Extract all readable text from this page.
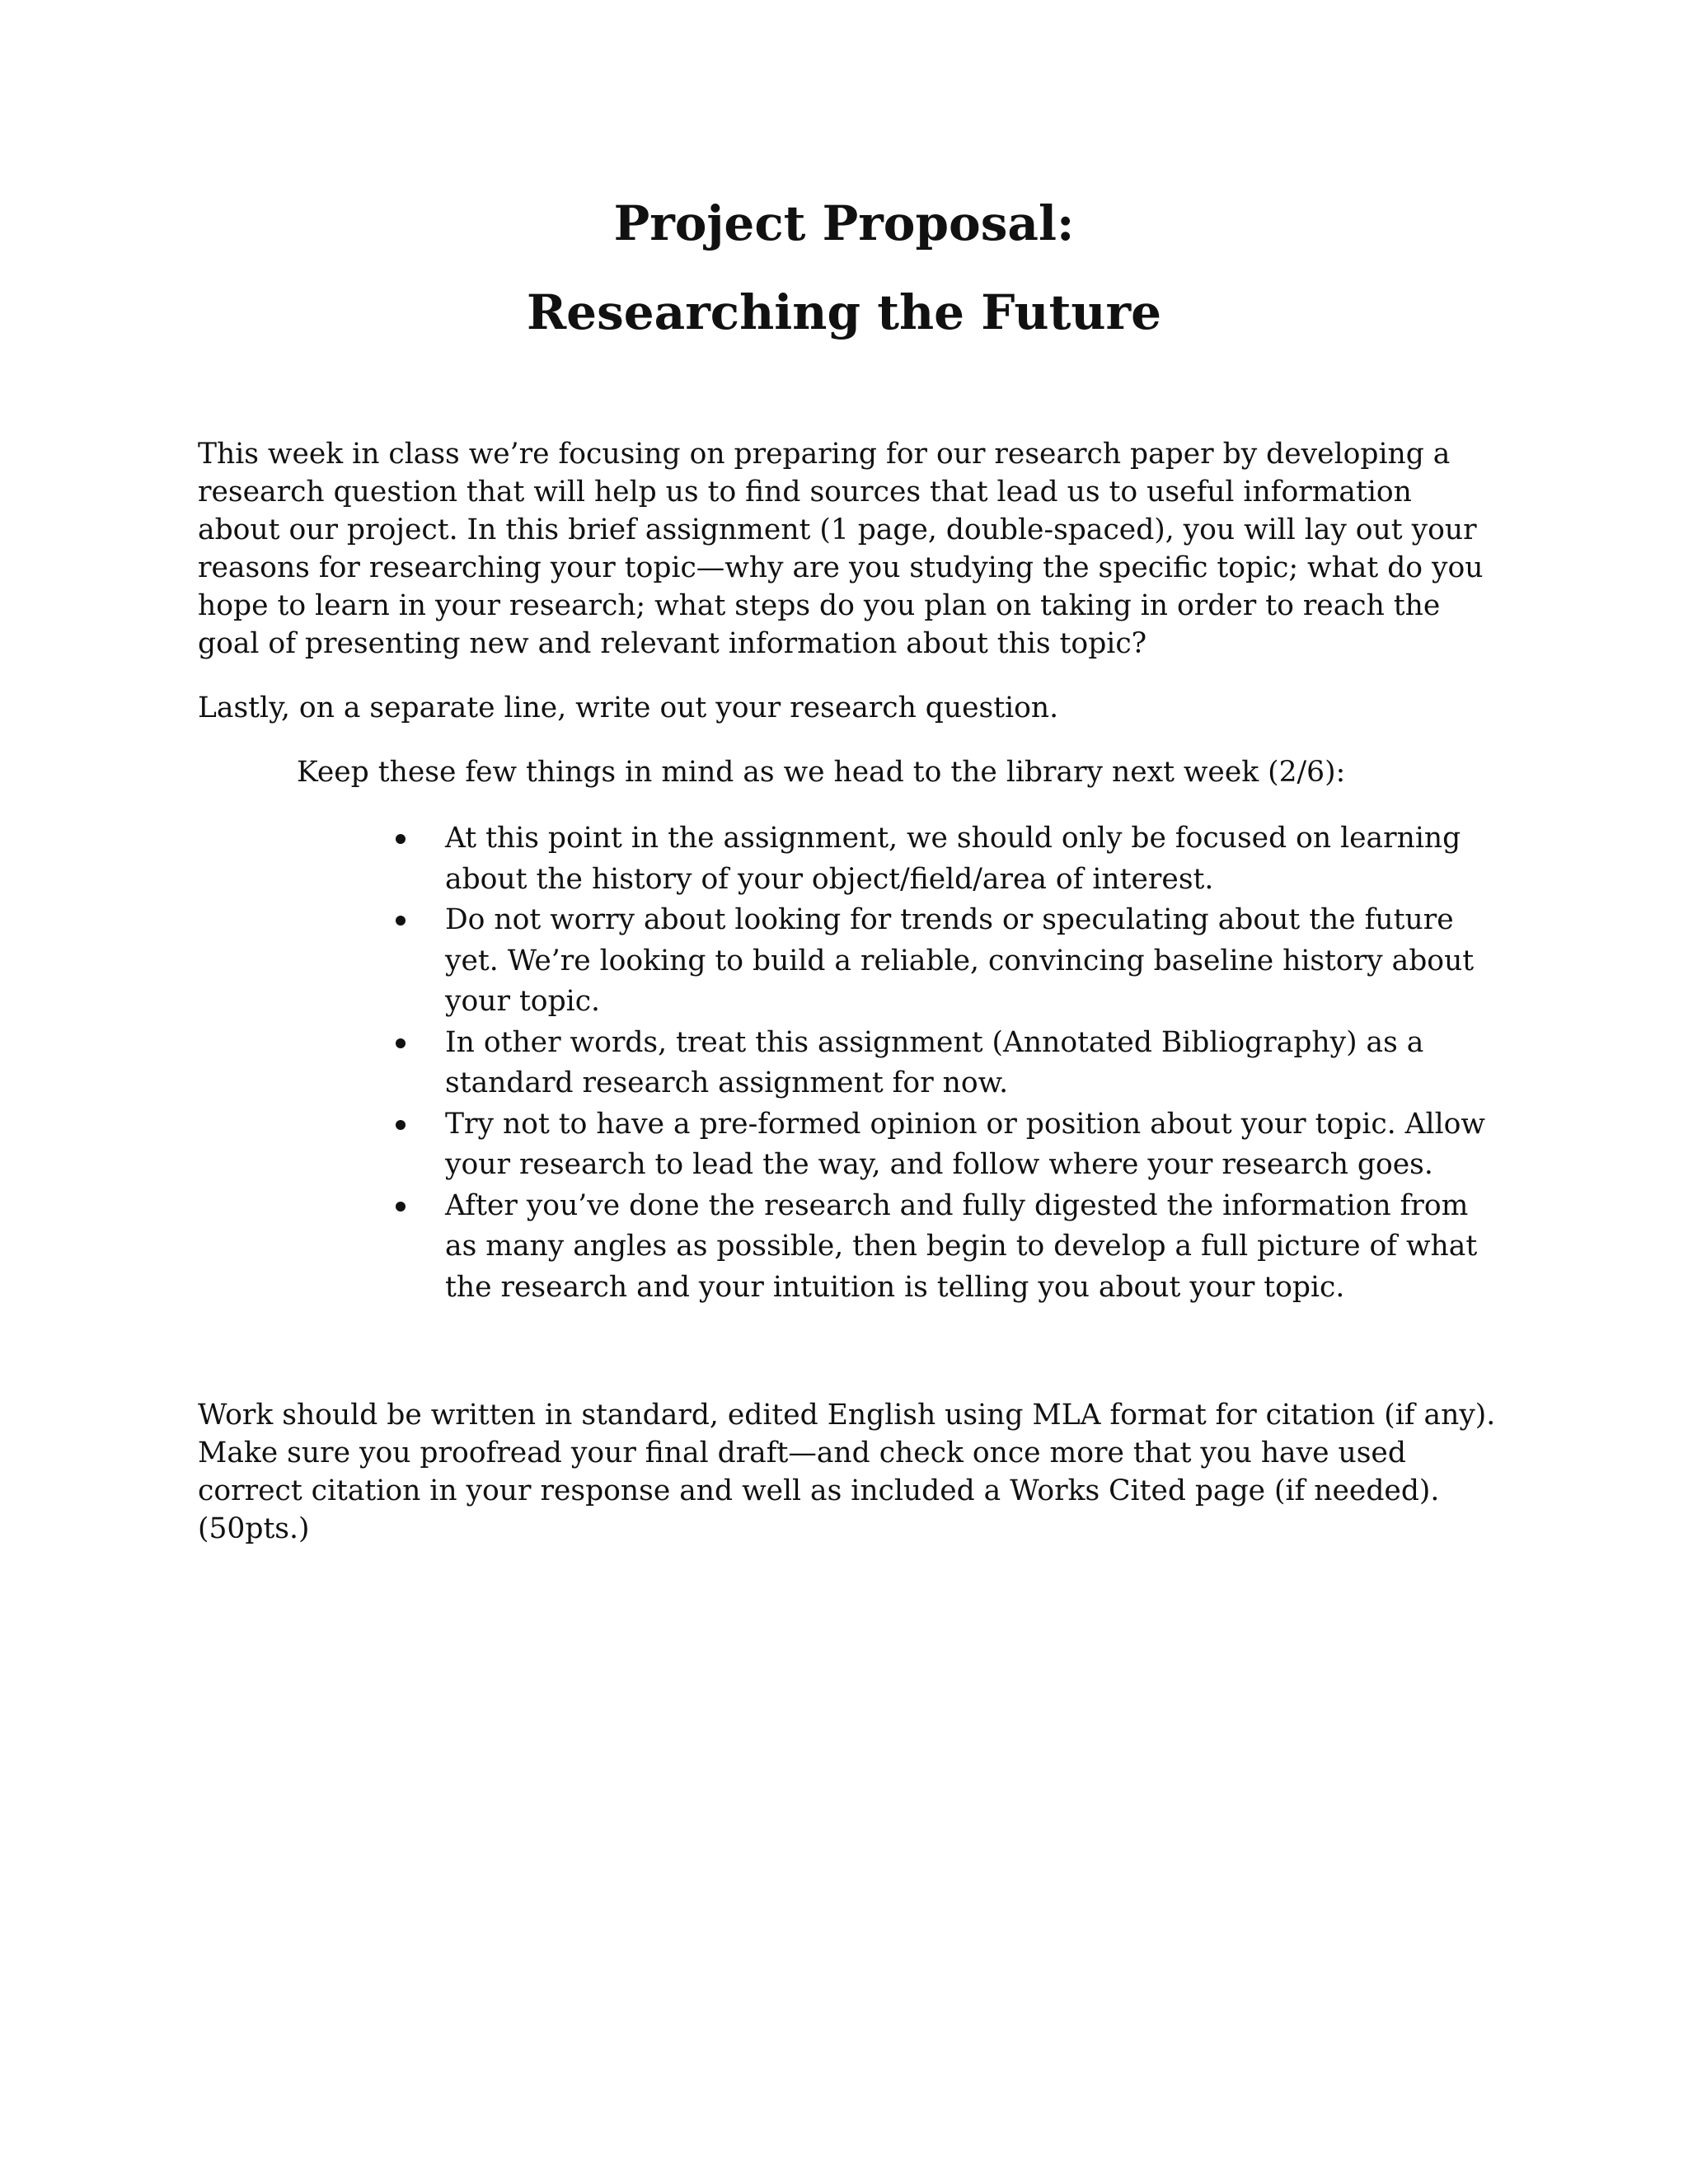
Project Proposal:
Researching the Future

This week in class we’re focusing on preparing for our research paper by developing a research question that will help us to find sources that lead us to useful information about our project. In this brief assignment (1 page, double-spaced), you will lay out your reasons for researching your topic—why are you studying the specific topic; what do you hope to learn in your research; what steps do you plan on taking in order to reach the goal of presenting new and relevant information about this topic?

Lastly, on a separate line, write out your research question.

Keep these few things in mind as we head to the library next week (2/6):

At this point in the assignment, we should only be focused on learning about the history of your object/field/area of interest.
Do not worry about looking for trends or speculating about the future yet. We’re looking to build a reliable, convincing baseline history about your topic.
In other words, treat this assignment (Annotated Bibliography) as a standard research assignment for now.
Try not to have a pre-formed opinion or position about your topic. Allow your research to lead the way, and follow where your research goes.
After you’ve done the research and fully digested the information from as many angles as possible, then begin to develop a full picture of what the research and your intuition is telling you about your topic.

Work should be written in standard, edited English using MLA format for citation (if any). Make sure you proofread your final draft—and check once more that you have used correct citation in your response and well as included a Works Cited page (if needed). (50pts.)
